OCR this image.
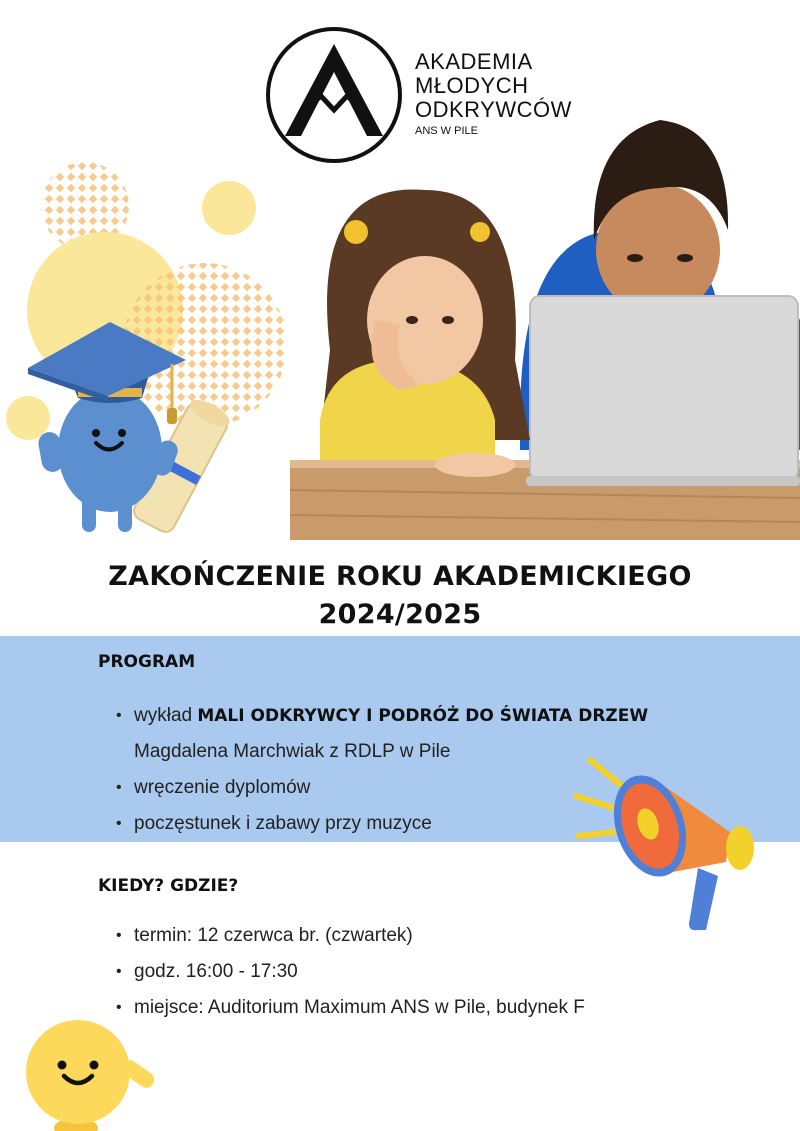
AKADEMIA
MŁODYCH
ODKRYWCÓW
ANS W PILE
ZAKOŃCZENIE ROKU AKADEMICKIEGO
2024/2025
PROGRAM
• wykład MALI ODKRYWCY I PODRÓŻ DO ŚWIATA DRZEW
Magdalena Marchwiak z RDLP w Pile
• wręczenie dyplomów
• poczęstunek i zabawy przy muzyce
KIEDY? GDZIE?
• termin: 12 czerwca br. (czwartek)
• godz. 16:00 - 17:30
• miejsce: Auditorium Maximum ANS w Pile, budynek F
